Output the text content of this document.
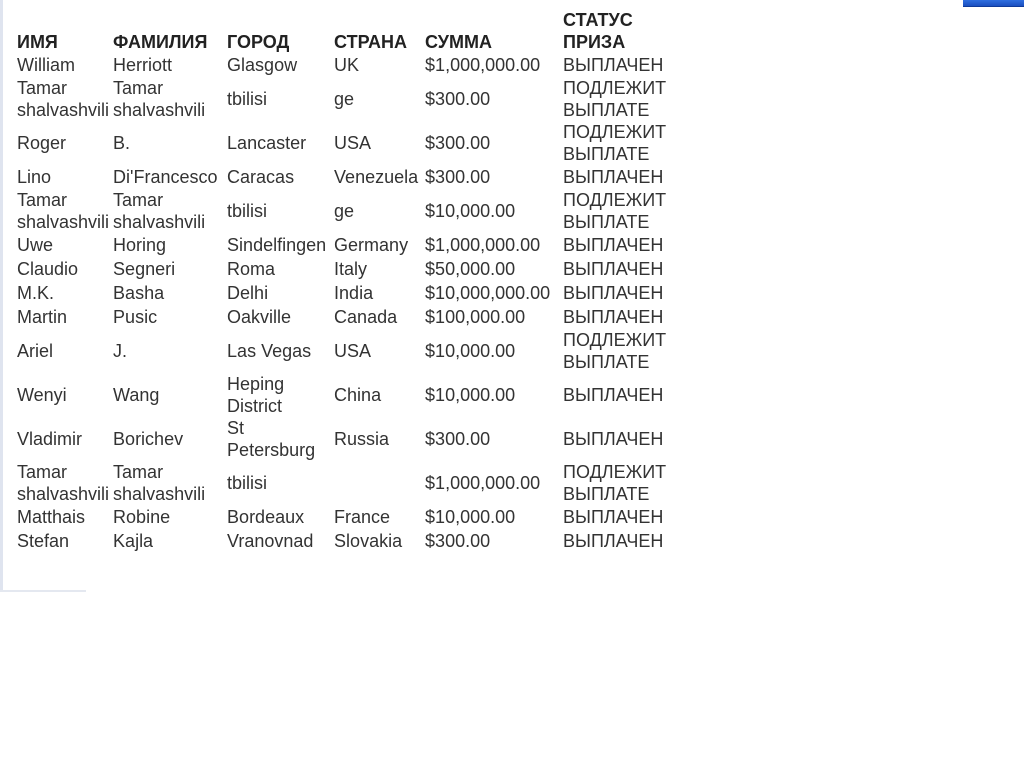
ИМЯ	ФАМИЛИЯ	ГОРОД	СТРАНА	СУММА	СТАТУС ПРИЗА
William	Herriott	Glasgow	UK	$1,000,000.00	ВЫПЛАЧЕН
Tamar shalvashvili	Tamar shalvashvili	tbilisi	ge	$300.00	ПОДЛЕЖИТ ВЫПЛАТЕ
Roger	B.	Lancaster	USA	$300.00	ПОДЛЕЖИТ ВЫПЛАТЕ
Lino	Di'Francesco	Caracas	Venezuela	$300.00	ВЫПЛАЧЕН
Tamar shalvashvili	Tamar shalvashvili	tbilisi	ge	$10,000.00	ПОДЛЕЖИТ ВЫПЛАТЕ
Uwe	Horing	Sindelfingen	Germany	$1,000,000.00	ВЫПЛАЧЕН
Claudio	Segneri	Roma	Italy	$50,000.00	ВЫПЛАЧЕН
M.K.	Basha	Delhi	India	$10,000,000.00	ВЫПЛАЧЕН
Martin	Pusic	Oakville	Canada	$100,000.00	ВЫПЛАЧЕН
Ariel	J.	Las Vegas	USA	$10,000.00	ПОДЛЕЖИТ ВЫПЛАТЕ
Wenyi	Wang	Heping District	China	$10,000.00	ВЫПЛАЧЕН
Vladimir	Borichev	St Petersburg	Russia	$300.00	ВЫПЛАЧЕН
Tamar shalvashvili	Tamar shalvashvili	tbilisi		$1,000,000.00	ПОДЛЕЖИТ ВЫПЛАТЕ
Matthais	Robine	Bordeaux	France	$10,000.00	ВЫПЛАЧЕН
Stefan	Kajla	Vranovnad	Slovakia	$300.00	ВЫПЛАЧЕН
